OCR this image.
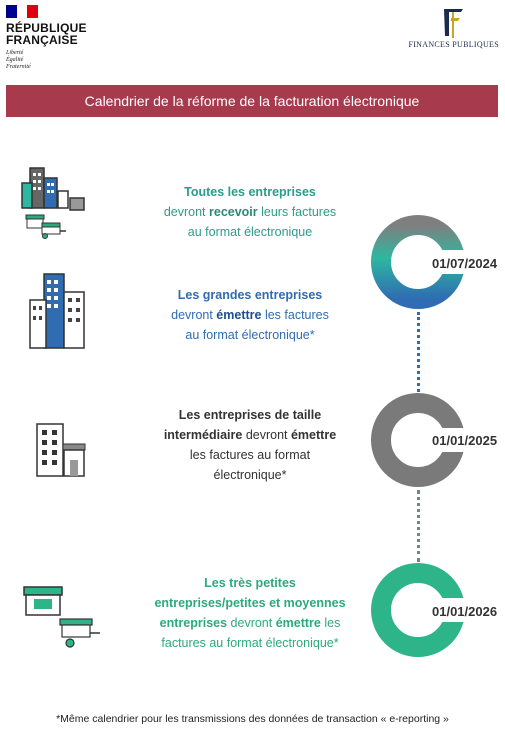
RÉPUBLIQUE
FRANÇAISE
Liberté
Égalité
Fraternité
FINANCES PUBLIQUES
Calendrier de la réforme de la facturation électronique
Toutes les entreprises
devront recevoir leurs factures
au format électronique
Les grandes entreprises
devront émettre les factures
au format électronique*
Les entreprises de taille
intermédiaire devront émettre
les factures au format
électronique*
Les très petites
entreprises/petites et moyennes
entreprises devront émettre les
factures au format électronique*
01/07/2024
01/01/2025
01/01/2026
*Même calendrier pour les transmissions des données de transaction « e-reporting »
